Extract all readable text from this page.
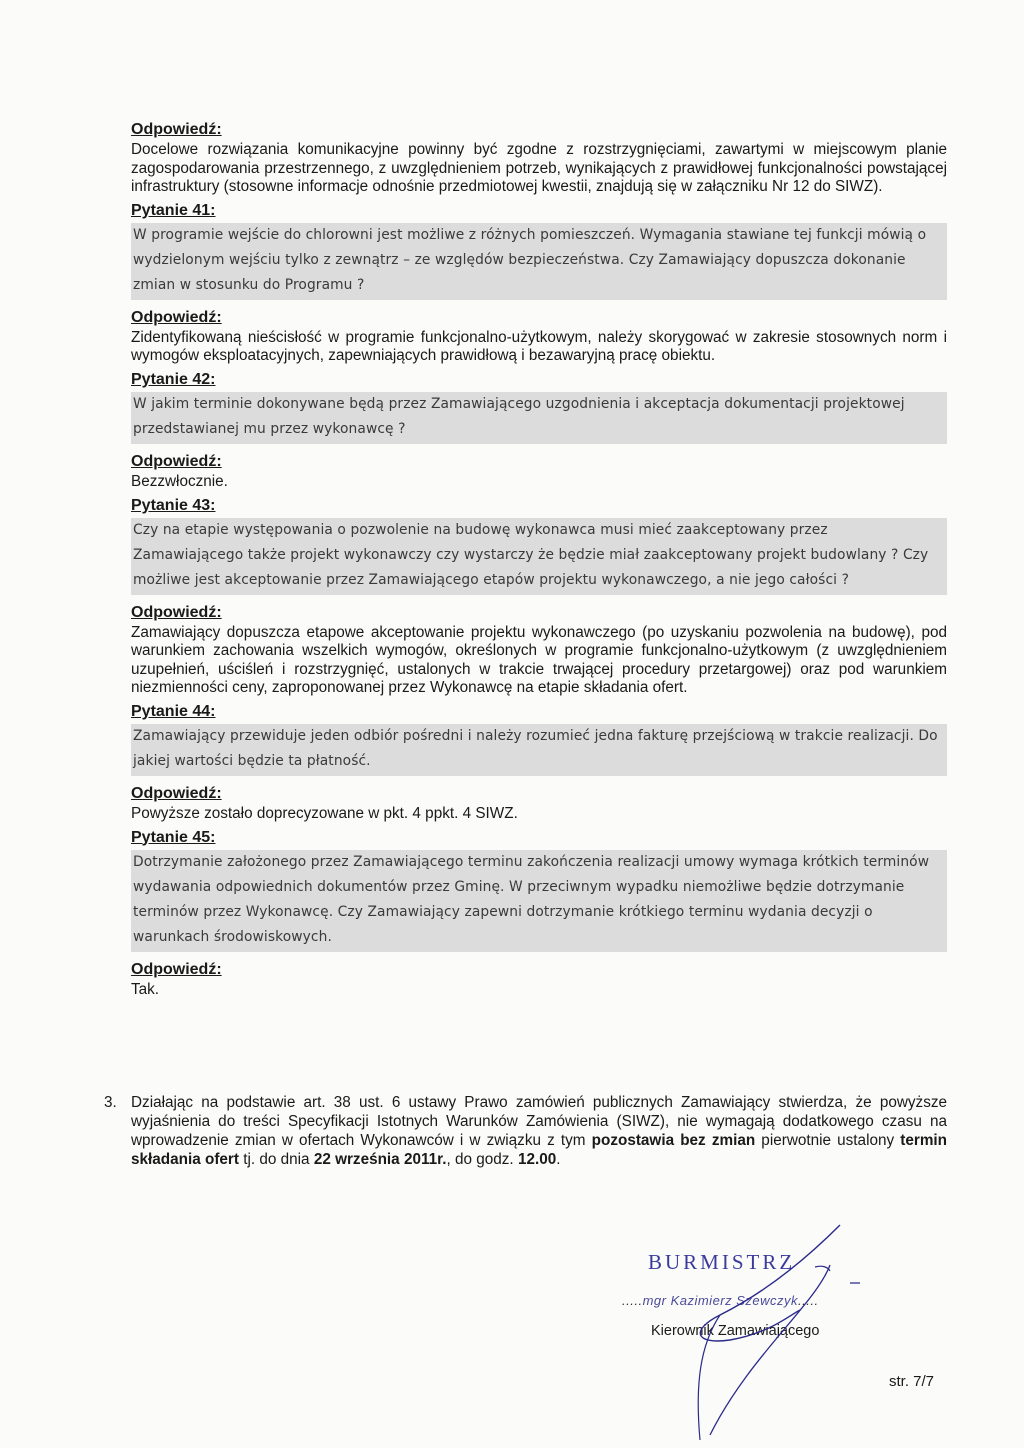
Odpowiedź:
Docelowe rozwiązania komunikacyjne powinny być zgodne z rozstrzygnięciami, zawartymi w miejscowym planie zagospodarowania przestrzennego, z uwzględnieniem potrzeb, wynikających z prawidłowej funkcjonalności powstającej infrastruktury (stosowne informacje odnośnie przedmiotowej kwestii, znajdują się w załączniku Nr 12 do SIWZ).
Pytanie 41:
W programie wejście do chlorowni jest możliwe z różnych pomieszczeń. Wymagania stawiane tej funkcji mówią o wydzielonym wejściu tylko z zewnątrz – ze względów bezpieczeństwa. Czy Zamawiający dopuszcza dokonanie zmian w stosunku do Programu ?
Odpowiedź:
Zidentyfikowaną nieścisłość w programie funkcjonalno-użytkowym, należy skorygować w zakresie stosownych norm i wymogów eksploatacyjnych, zapewniających prawidłową i bezawaryjną pracę obiektu.
Pytanie 42:
W jakim terminie dokonywane będą przez Zamawiającego uzgodnienia i akceptacja dokumentacji projektowej przedstawianej mu przez wykonawcę ?
Odpowiedź:
Bezzwłocznie.
Pytanie 43:
Czy na etapie występowania o pozwolenie na budowę wykonawca musi mieć zaakceptowany przez Zamawiającego także projekt wykonawczy czy wystarczy że będzie miał zaakceptowany projekt budowlany ? Czy możliwe jest akceptowanie przez Zamawiającego etapów projektu wykonawczego, a nie jego całości ?
Odpowiedź:
Zamawiający dopuszcza etapowe akceptowanie projektu wykonawczego (po uzyskaniu pozwolenia na budowę), pod warunkiem zachowania wszelkich wymogów, określonych w programie funkcjonalno-użytkowym (z uwzględnieniem uzupełnień, uściśleń i rozstrzygnięć, ustalonych w trakcie trwającej procedury przetargowej) oraz pod warunkiem niezmienności ceny, zaproponowanej przez Wykonawcę na etapie składania ofert.
Pytanie 44:
Zamawiający przewiduje jeden odbiór pośredni i należy rozumieć jedna fakturę przejściową w trakcie realizacji. Do jakiej wartości będzie ta płatność.
Odpowiedź:
Powyższe zostało doprecyzowane w pkt. 4 ppkt. 4 SIWZ.
Pytanie 45:
Dotrzymanie założonego przez Zamawiającego terminu zakończenia realizacji umowy wymaga krótkich terminów wydawania odpowiednich dokumentów przez Gminę. W przeciwnym wypadku niemożliwe będzie dotrzymanie terminów przez Wykonawcę. Czy Zamawiający zapewni dotrzymanie krótkiego terminu wydania decyzji o warunkach środowiskowych.
Odpowiedź:
Tak.
3. Działając na podstawie art. 38 ust. 6 ustawy Prawo zamówień publicznych Zamawiający stwierdza, że powyższe wyjaśnienia do treści Specyfikacji Istotnych Warunków Zamówienia (SIWZ), nie wymagają dodatkowego czasu na wprowadzenie zmian w ofertach Wykonawców i w związku z tym pozostawia bez zmian pierwotnie ustalony termin składania ofert tj. do dnia 22 września 2011r., do godz. 12.00.
BURMISTRZ
.....mgr Kazimierz Szewczyk.....
Kierownik Zamawiającego
str. 7/7
